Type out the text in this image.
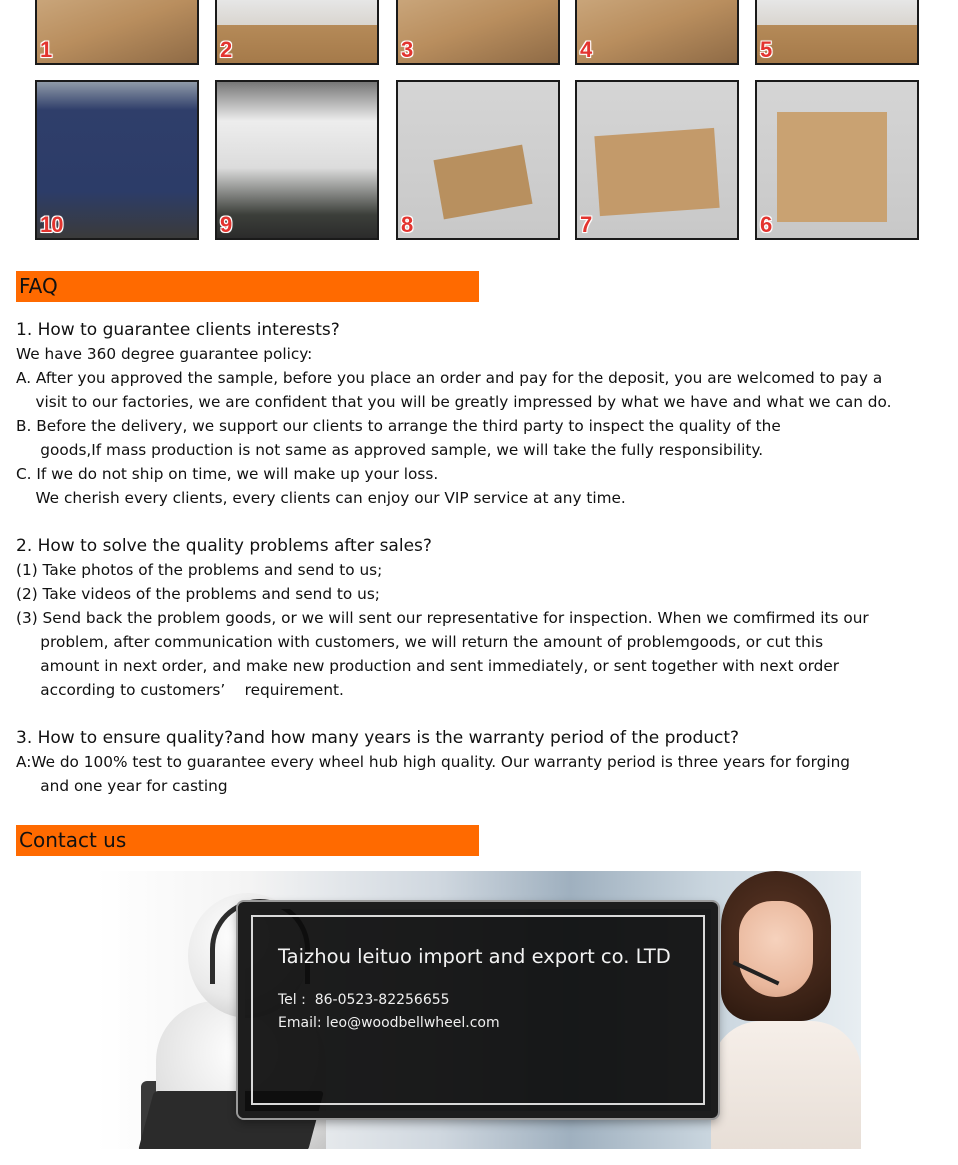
1	2	3	4	5
10	9	8	7	6
FAQ

1. How to guarantee clients interests?

We have 360 degree guarantee policy:

A. After you approved the sample, before you place an order and pay for the deposit, you are welcomed to pay a

visit to our factories, we are confident that you will be greatly impressed by what we have and what we can do.

B. Before the delivery, we support our clients to arrange the third party to inspect the quality of the

goods,If mass production is not same as approved sample, we will take the fully responsibility.

C. If we do not ship on time, we will make up your loss.

We cherish every clients, every clients can enjoy our VIP service at any time.

2. How to solve the quality problems after sales?

(1) Take photos of the problems and send to us;

(2) Take videos of the problems and send to us;

(3) Send back the problem goods, or we will sent our representative for inspection. When we comfirmed its our

problem, after communication with customers, we will return the amount of problemgoods, or cut this

amount in next order, and make new production and sent immediately, or sent together with next order

according to customers’    requirement.

3. How to ensure quality?and how many years is the warranty period of the product?

A:We do 100% test to guarantee every wheel hub high quality. Our warranty period is three years for forging

and one year for casting

Contact us
Taizhou leituo import and export co. LTD
Tel :  86-0523-82256655
Email: leo@woodbellwheel.com
